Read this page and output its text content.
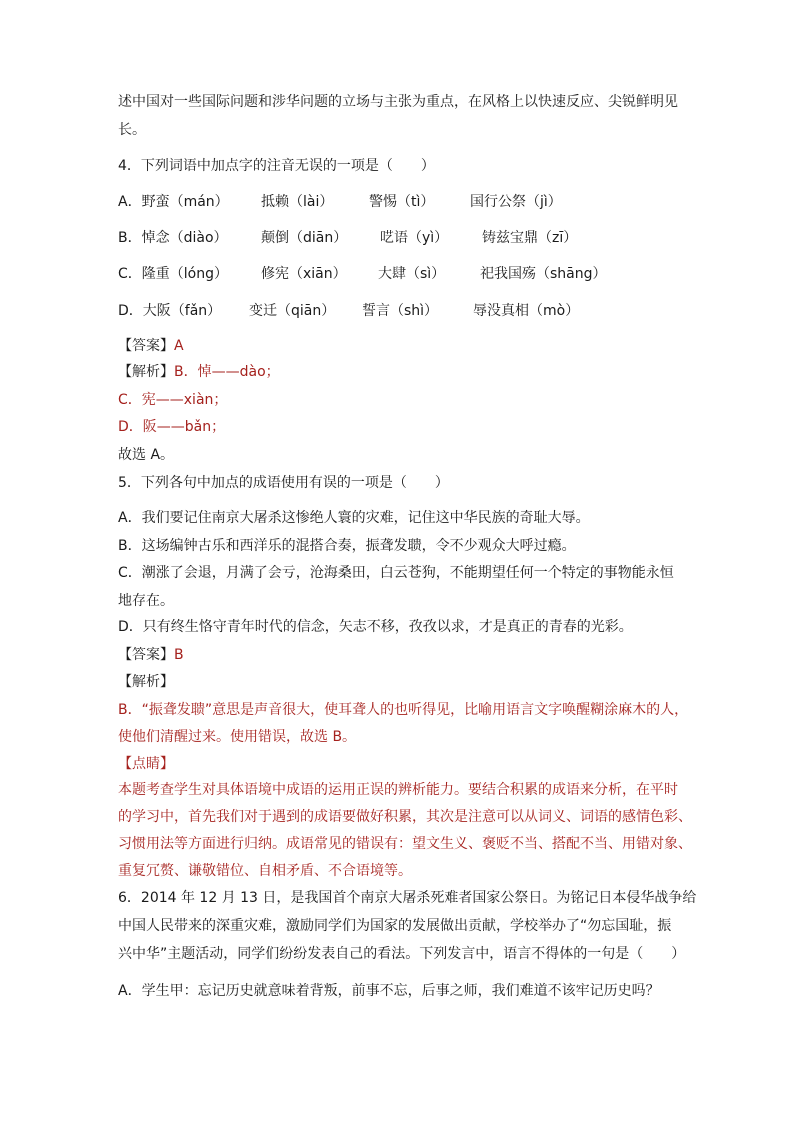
述中国对一些国际问题和涉华问题的立场与主张为重点，在风格上以快速反应、尖锐鲜明见
长。
4．下列词语中加点字的注音无误的一项是（　　）
A．野蛮（mán） 抵赖（lài）	警惕（tì）	国行公祭（jì）
B．悼念（diào） 颠倒（diān） 呓语（yì） 铸兹宝鼎（zī）
C．隆重（lóng） 修宪（xiān） 大肆（sì） 祀我国殇（shāng）
D．大阪（fǎn） 变迁（qiān） 誓言（shì） 辱没真相（mò）
【答案】A
【解析】B．悼——dào；
C．宪——xiàn；
D．阪——bǎn；
故选 A。
5．下列各句中加点的成语使用有误的一项是（　　）
A．我们要记住南京大屠杀这惨绝人寰的灾难，记住这中华民族的奇耻大辱。
B．这场编钟古乐和西洋乐的混搭合奏，振聋发聩，令不少观众大呼过瘾。
C．潮涨了会退，月满了会亏，沧海桑田，白云苍狗，不能期望任何一个特定的事物能永恒
地存在。
D．只有终生恪守青年时代的信念，矢志不移，孜孜以求，才是真正的青春的光彩。
【答案】B
【解析】
B．“振聋发聩”意思是声音很大，使耳聋人的也听得见，比喻用语言文字唤醒糊涂麻木的人，
使他们清醒过来。使用错误，故选 B。
【点睛】
本题考查学生对具体语境中成语的运用正误的辨析能力。要结合积累的成语来分析，在平时
的学习中，首先我们对于遇到的成语要做好积累，其次是注意可以从词义、词语的感情色彩、
习惯用法等方面进行归纳。成语常见的错误有：望文生义、褒贬不当、搭配不当、用错对象、
重复冗赘、谦敬错位、自相矛盾、不合语境等。
6．2014 年 12 月 13 日，是我国首个南京大屠杀死难者国家公祭日。为铭记日本侵华战争给
中国人民带来的深重灾难，激励同学们为国家的发展做出贡献，学校举办了“勿忘国耻，振
兴中华”主题活动，同学们纷纷发表自己的看法。下列发言中，语言不得体的一句是（　　）
A．学生甲：忘记历史就意味着背叛，前事不忘，后事之师，我们难道不该牢记历史吗？
